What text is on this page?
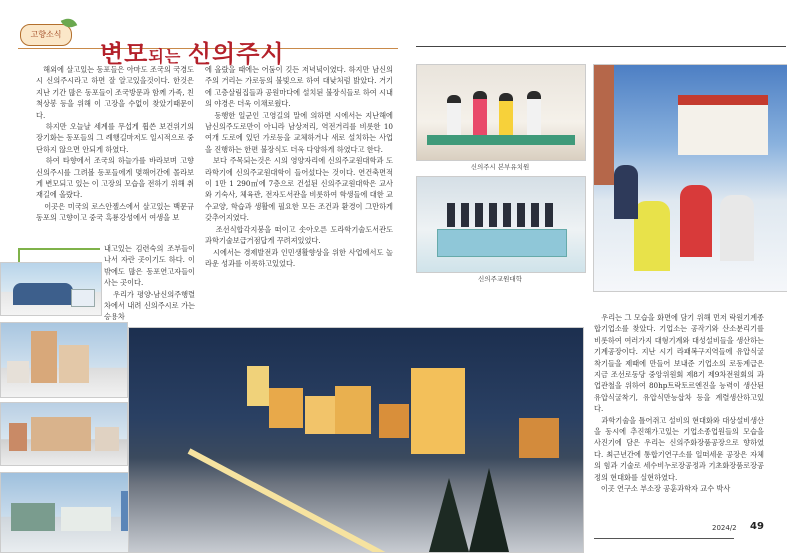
고향소식
변모되는 신의주시
해외에 살고있는 동포들은 아마도 조국의 국경도시 신의주시라고 하면 잘 알고있을것이다. 한것은 지난 기간 많은 동포들이 조국방문과 함께 가족, 친척상봉 등을 위해 이 고장을 수없이 찾았기때문이다.
하지만 오늘날 세계를 무섭게 휩쓴 보건위기의 장기화는 동포들의 그 례행길마저도 일시적으로 중단하지 않으면 안되게 하였다.
하여 타향에서 조국의 하늘가를 바라보며 고향 신의주시를 그려볼 동포들에게 몇해어간에 몰라보게 변모되고 있는 이 고장의 모습을 전하기 위해 취재길에 올랐다.
이곳은 미국의 로스안젤스에서 살고있는 백문규동포의 고향이고 중국 흑룡강성에서 여생을 보
내고있는 김련숙의 조부들이 나서 자란 곳이기도 하다. 이 밖에도 많은 동포연고자들이 사는 곳이다.
우리가 평양-남신의주행렬차에서 내려 신의주시로 가는 승용차
에 올랐을 때에는 어둠이 깃든 저녁녘이였다. 하지만 남신의주의 거리는 가로등의 불빛으로 하여 대낮처럼 밝았다. 거기에 고층살림집들과 공원마다에 설치된 불장식들로 하여 시내의 야경은 더욱 이채로웠다.
동행한 일군인 고영길의 말에 의하면 시에서는 지난해에 남신의주도로만이 아니라 남상저리, 역전거리를 비롯한 10여개 도로에 있던 가로등을 교체하거나 새로 설치하는 사업을 진행하는 한편 불장식도 더욱 다양하게 하였다고 한다.
보다 주목되는것은 시의 영양자리에 신의주교원대학과 도라학기에 신의주교원대학이 들어섰다는 것이다. 연건축면적이 1만 1 290㎡에 7층으로 건설된 신의주교원대학은 교사와 기숙사, 체육관, 전자도서관을 비롯하여 학생들에 대한 교수교양, 학습과 생활에 필요한 모든 조건과 환경이 그만하게 갖추어지였다.
조선식합각지붕을 떠이고 솟아오른 도라학기술도서관도 과학기술보급거점답게 꾸려져있었다.
시에서는 경제발전과 인민생활향상을 위한 사업에서도 놀라운 성과를 이룩하고있었다.
신의주시 본부유치원
신의주교원대학
우리는 그 모습을 화면에 담기 위해 먼저 락원기계종합기업소를 찾았다. 기업소는 공작기와 산소분리기를 비롯하여 여러가지 대형기계와 대성설비들을 생산하는 기계공장이다. 지난 시기 라패복구지역들에 유압식굴착기들을 제때에 만들어 보내준 기업소의 로동계급은 지금 조선로동당 중앙위원회 제8기 제9차전원회의 과업관철을 위하여 80hp트락토르엔진을 능력이 생산된 유압식굴착기, 유압식만능삽차 등을 계렬생산하고있다.
과학기술을 틀어쥐고 설비의 현대화와 대상설비생산을 동시에 추진해가고있는 기업소종업원들의 모습을 사진기에 담은 우리는 신의주화장품공장으로 향하였다. 최근년간에 통합기연구소를 일떠세운 공장은 자체의 힘과 기술로 세수비누로장공정과 기초화장품로장공정의 현대화를 실현하였다.
이곳 연구소 부소장 공훈과학자 교수 박사
2024/2 49
